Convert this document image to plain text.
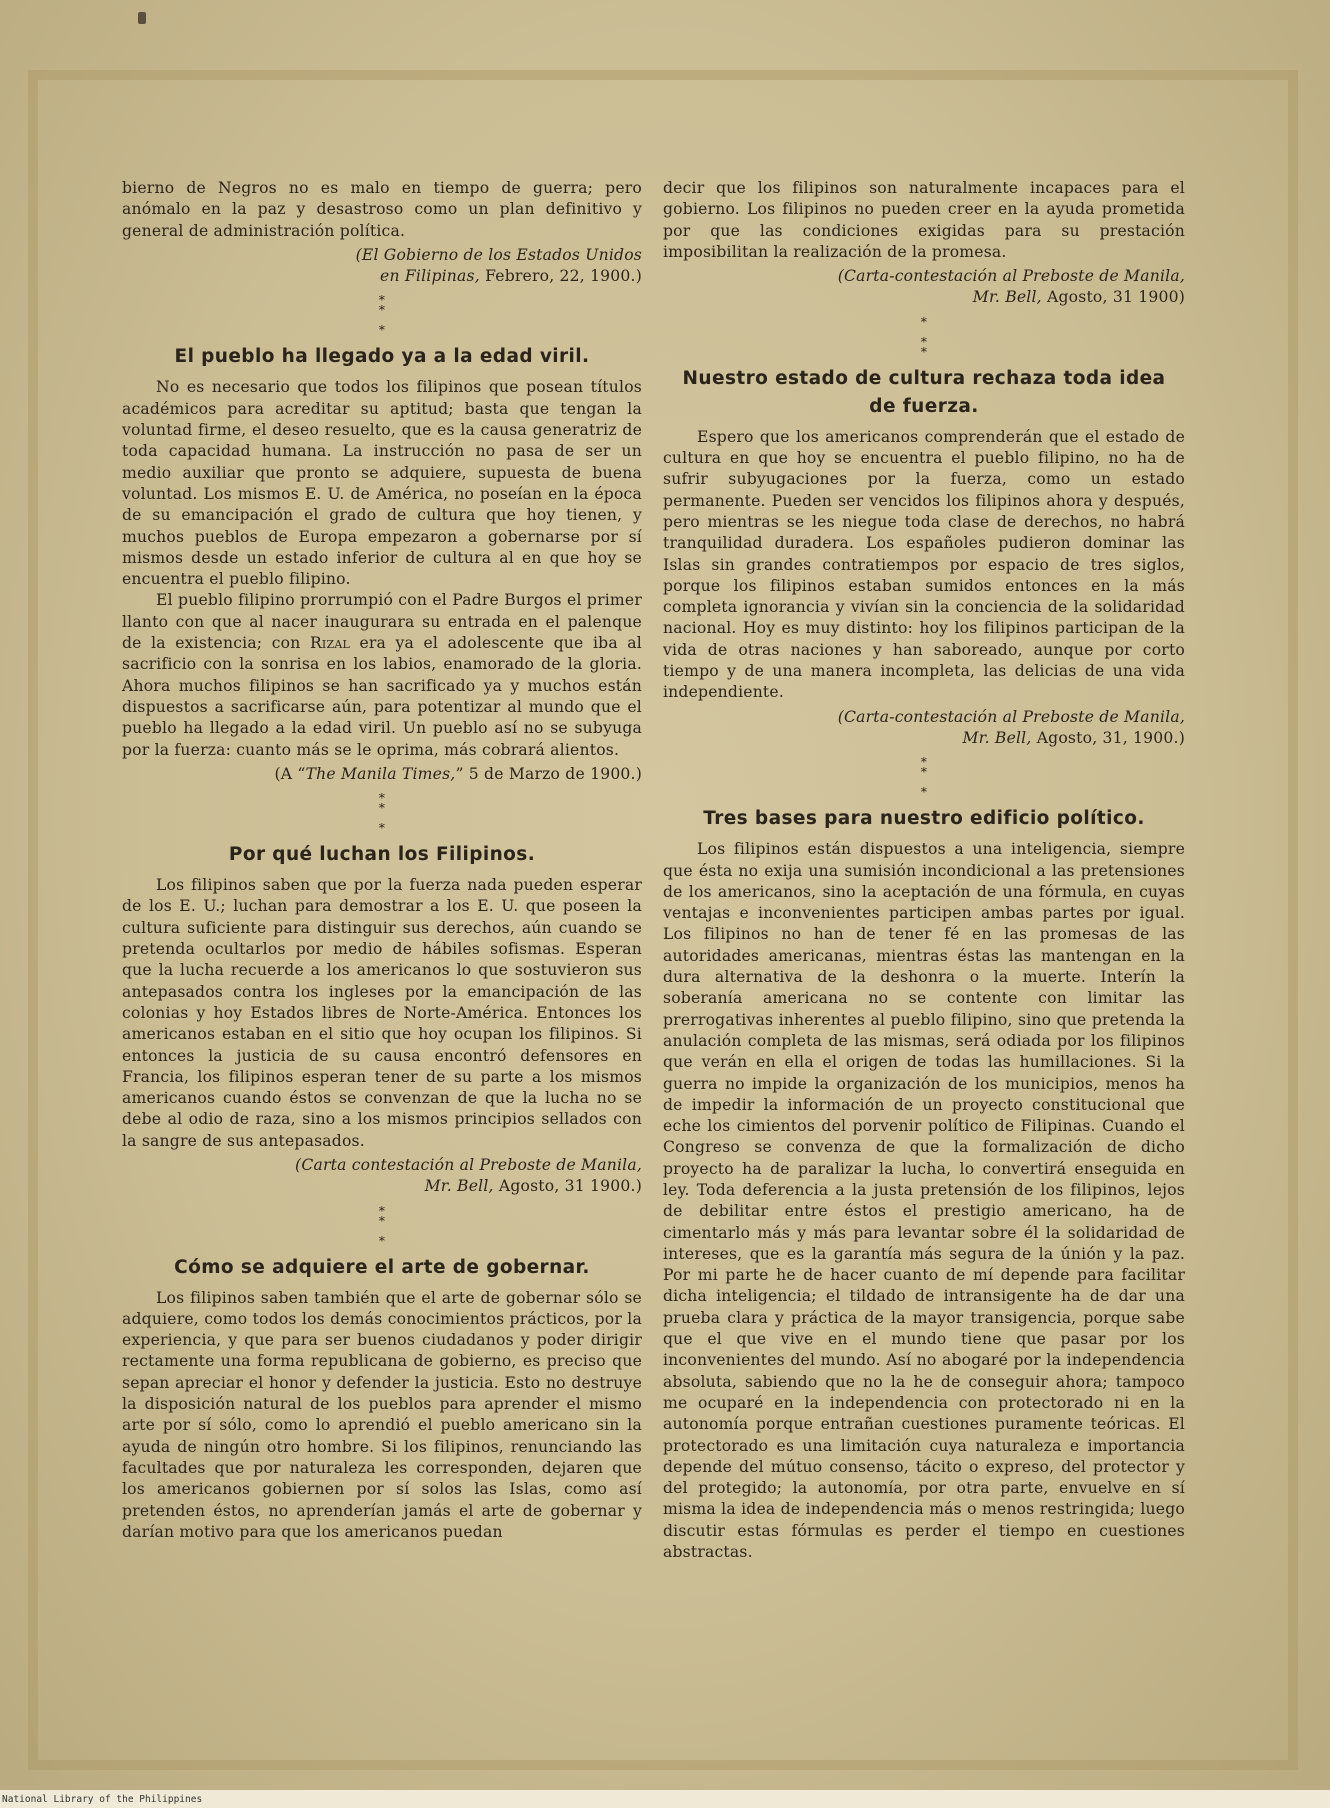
bierno de Negros no es malo en tiempo de guerra; pero anómalo en la paz y desastroso como un plan definitivo y general de administración política.

(El Gobierno de los Estados Unidos
en Filipinas, Febrero, 22, 1900.)
*
*

*
El pueblo ha llegado ya a la edad viril.

No es necesario que todos los filipinos que posean títulos académicos para acreditar su aptitud; basta que tengan la voluntad firme, el deseo resuelto, que es la causa generatriz de toda capacidad humana. La instrucción no pasa de ser un medio auxiliar que pronto se adquiere, supuesta de buena voluntad. Los mismos E. U. de América, no poseían en la época de su emancipación el grado de cultura que hoy tienen, y muchos pueblos de Europa empezaron a gobernarse por sí mismos desde un estado inferior de cultura al en que hoy se encuentra el pueblo filipino.

El pueblo filipino prorrumpió con el Padre Burgos el primer llanto con que al nacer inaugurara su entrada en el palenque de la existencia; con Rizal era ya el adolescente que iba al sacrificio con la sonrisa en los labios, enamorado de la gloria. Ahora muchos filipinos se han sacrificado ya y muchos están dispuestos a sacrificarse aún, para potentizar al mundo que el pueblo ha llegado a la edad viril. Un pueblo así no se subyuga por la fuerza: cuanto más se le oprima, más cobrará alientos.

(A “The Manila Times,” 5 de Marzo de 1900.)
*
*

*
Por qué luchan los Filipinos.

Los filipinos saben que por la fuerza nada pueden esperar de los E. U.; luchan para demostrar a los E. U. que poseen la cultura suficiente para distinguir sus derechos, aún cuando se pretenda ocultarlos por medio de hábiles sofismas. Esperan que la lucha recuerde a los americanos lo que sostuvieron sus antepasados contra los ingleses por la emancipación de las colonias y hoy Estados libres de Norte-América. Entonces los americanos estaban en el sitio que hoy ocupan los filipinos. Si entonces la justicia de su causa encontró defensores en Francia, los filipinos esperan tener de su parte a los mismos americanos cuando éstos se convenzan de que la lucha no se debe al odio de raza, sino a los mismos principios sellados con la sangre de sus antepasados.

(Carta contestación al Preboste de Manila,
Mr. Bell, Agosto, 31 1900.)
*
*

*
Cómo se adquiere el arte de gobernar.

Los filipinos saben también que el arte de gobernar sólo se adquiere, como todos los demás conocimientos prácticos, por la experiencia, y que para ser buenos ciudadanos y poder dirigir rectamente una forma republicana de gobierno, es preciso que sepan apreciar el honor y defender la justicia. Esto no destruye la disposición natural de los pueblos para aprender el mismo arte por sí sólo, como lo aprendió el pueblo americano sin la ayuda de ningún otro hombre. Si los filipinos, renunciando las facultades que por naturaleza les corresponden, dejaren que los americanos gobiernen por sí solos las Islas, como así pretenden éstos, no aprenderían jamás el arte de gobernar y darían motivo para que los americanos puedan

decir que los filipinos son naturalmente incapaces para el gobierno. Los filipinos no pueden creer en la ayuda prometida por que las condiciones exigidas para su prestación imposibilitan la realización de la promesa.

(Carta-contestación al Preboste de Manila,
Mr. Bell, Agosto, 31 1900)
*

*
*
Nuestro estado de cultura rechaza toda idea
de fuerza.

Espero que los americanos comprenderán que el estado de cultura en que hoy se encuentra el pueblo filipino, no ha de sufrir subyugaciones por la fuerza, como un estado permanente. Pueden ser vencidos los filipinos ahora y después, pero mientras se les niegue toda clase de derechos, no habrá tranquilidad duradera. Los españoles pudieron dominar las Islas sin grandes contratiempos por espacio de tres siglos, porque los filipinos estaban sumidos entonces en la más completa ignorancia y vivían sin la conciencia de la solidaridad nacional. Hoy es muy distinto: hoy los filipinos participan de la vida de otras naciones y han saboreado, aunque por corto tiempo y de una manera incompleta, las delicias de una vida independiente.

(Carta-contestación al Preboste de Manila,
Mr. Bell, Agosto, 31, 1900.)
*
*

*
Tres bases para nuestro edificio político.

Los filipinos están dispuestos a una inteligencia, siempre que ésta no exija una sumisión incondicional a las pretensiones de los americanos, sino la aceptación de una fórmula, en cuyas ventajas e inconvenientes participen ambas partes por igual. Los filipinos no han de tener fé en las promesas de las autoridades americanas, mientras éstas las mantengan en la dura alternativa de la deshonra o la muerte. Interín la soberanía americana no se contente con limitar las prerrogativas inherentes al pueblo filipino, sino que pretenda la anulación completa de las mismas, será odiada por los filipinos que verán en ella el origen de todas las humillaciones. Si la guerra no impide la organización de los municipios, menos ha de impedir la información de un proyecto constitucional que eche los cimientos del porvenir político de Filipinas. Cuando el Congreso se convenza de que la formalización de dicho proyecto ha de paralizar la lucha, lo convertirá enseguida en ley. Toda deferencia a la justa pretensión de los filipinos, lejos de debilitar entre éstos el prestigio americano, ha de cimentarlo más y más para levantar sobre él la solidaridad de intereses, que es la garantía más segura de la únión y la paz. Por mi parte he de hacer cuanto de mí depende para facilitar dicha inteligencia; el tildado de intransigente ha de dar una prueba clara y práctica de la mayor transigencia, porque sabe que el que vive en el mundo tiene que pasar por los inconvenientes del mundo. Así no abogaré por la independencia absoluta, sabiendo que no la he de conseguir ahora; tampoco me ocuparé en la independencia con protectorado ni en la autonomía porque entrañan cuestiones puramente teóricas. El protectorado es una limitación cuya naturaleza e importancia depende del mútuo consenso, tácito o expreso, del protector y del protegido; la autonomía, por otra parte, envuelve en sí misma la idea de independencia más o menos restringida; luego discutir estas fórmulas es perder el tiempo en cuestiones abstractas.

National Library of the Philippines
